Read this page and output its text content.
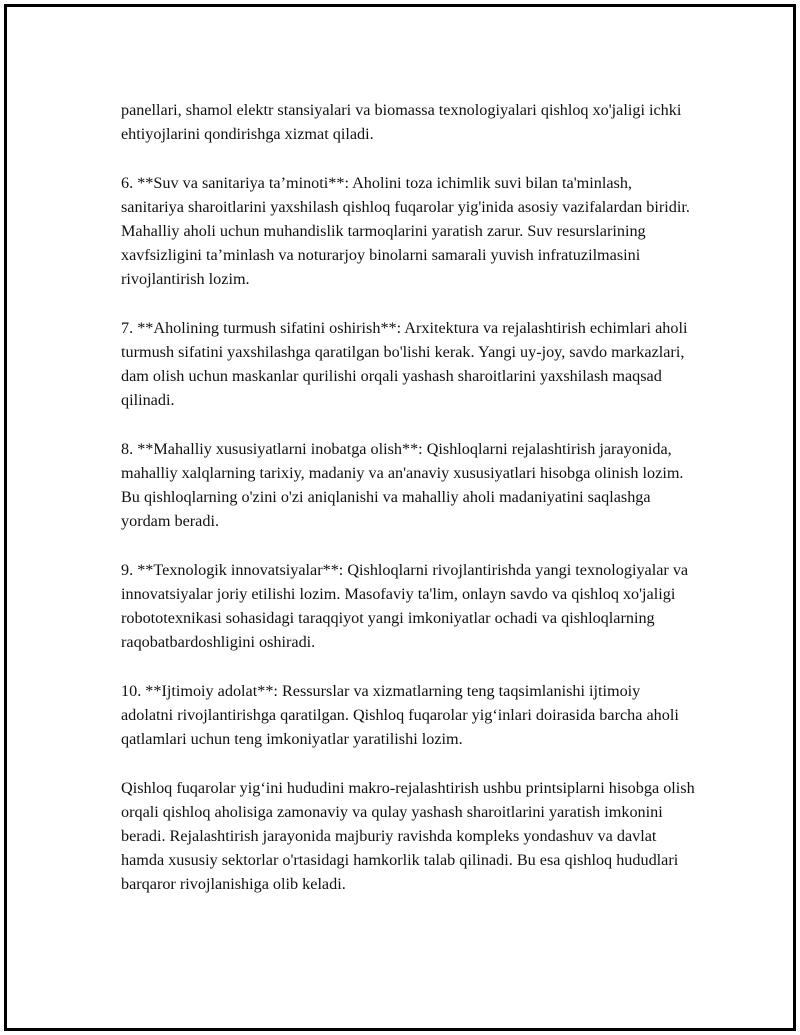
panellari, shamol elektr stansiyalari va biomassa texnologiyalari qishloq xo'jaligi ichki ehtiyojlarini qondirishga xizmat qiladi.

6. **Suv va sanitariya ta’minoti**: Aholini toza ichimlik suvi bilan ta'minlash, sanitariya sharoitlarini yaxshilash qishloq fuqarolar yig'inida asosiy vazifalardan biridir. Mahalliy aholi uchun muhandislik tarmoqlarini yaratish zarur. Suv resurslarining xavfsizligini ta’minlash va noturarjoy binolarni samarali yuvish infratuzilmasini rivojlantirish lozim.

7. **Aholining turmush sifatini oshirish**: Arxitektura va rejalashtirish echimlari aholi turmush sifatini yaxshilashga qaratilgan bo'lishi kerak. Yangi uy-joy, savdo markazlari, dam olish uchun maskanlar qurilishi orqali yashash sharoitlarini yaxshilash maqsad qilinadi.

8. **Mahalliy xususiyatlarni inobatga olish**: Qishloqlarni rejalashtirish jarayonida, mahalliy xalqlarning tarixiy, madaniy va an'anaviy xususiyatlari hisobga olinish lozim. Bu qishloqlarning o'zini o'zi aniqlanishi va mahalliy aholi madaniyatini saqlashga yordam beradi.

9. **Texnologik innovatsiyalar**: Qishloqlarni rivojlantirishda yangi texnologiyalar va innovatsiyalar joriy etilishi lozim. Masofaviy ta'lim, onlayn savdo va qishloq xo'jaligi robototexnikasi sohasidagi taraqqiyot yangi imkoniyatlar ochadi va qishloqlarning raqobatbardoshligini oshiradi.

10. **Ijtimoiy adolat**: Ressurslar va xizmatlarning teng taqsimlanishi ijtimoiy adolatni rivojlantirishga qaratilgan. Qishloq fuqarolar yig‘inlari doirasida barcha aholi qatlamlari uchun teng imkoniyatlar yaratilishi lozim.

Qishloq fuqarolar yig‘ini hududini makro-rejalashtirish ushbu printsiplarni hisobga olish orqali qishloq aholisiga zamonaviy va qulay yashash sharoitlarini yaratish imkonini beradi. Rejalashtirish jarayonida majburiy ravishda kompleks yondashuv va davlat hamda xususiy sektorlar o'rtasidagi hamkorlik talab qilinadi. Bu esa qishloq hududlari barqaror rivojlanishiga olib keladi.
